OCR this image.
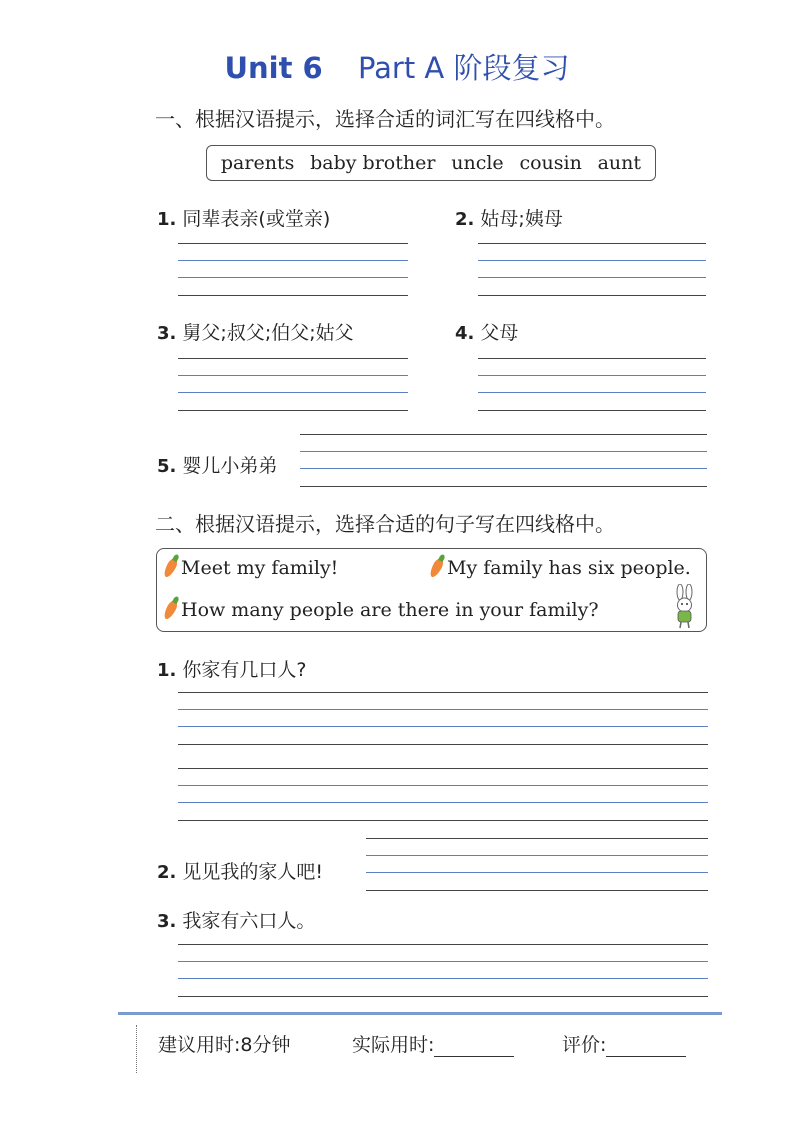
Unit 6 Part A 阶段复习
一、根据汉语提示，选择合适的词汇写在四线格中。
parents baby brother uncle cousin aunt
1. 同辈表亲(或堂亲)	2. 姑母;姨母
3. 舅父;叔父;伯父;姑父	4. 父母
5. 婴儿小弟弟
二、根据汉语提示，选择合适的句子写在四线格中。
Meet my family!	My family has six people.
How many people are there in your family?
1. 你家有几口人?
2. 见见我的家人吧!
3. 我家有六口人。
建议用时:8分钟	实际用时:	评价:
